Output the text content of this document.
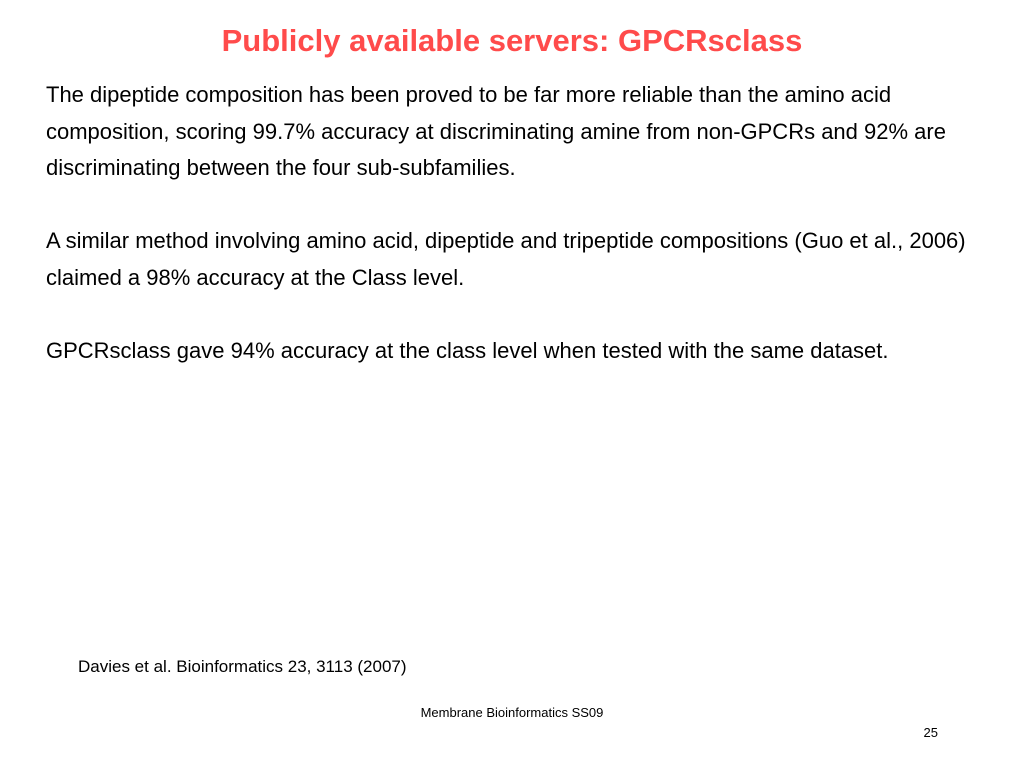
Publicly available servers: GPCRsclass

The dipeptide composition has been proved to be far more reliable than the amino acid composition, scoring 99.7% accuracy at discriminating amine from non-GPCRs and 92% are discriminating between the four sub-subfamilies.

A similar method involving amino acid, dipeptide and tripeptide compositions (Guo et al., 2006) claimed a 98% accuracy at the Class level.

GPCRsclass gave 94% accuracy at the class level when tested with the same dataset.

Davies et al. Bioinformatics 23, 3113 (2007)
Membrane Bioinformatics SS09
25
